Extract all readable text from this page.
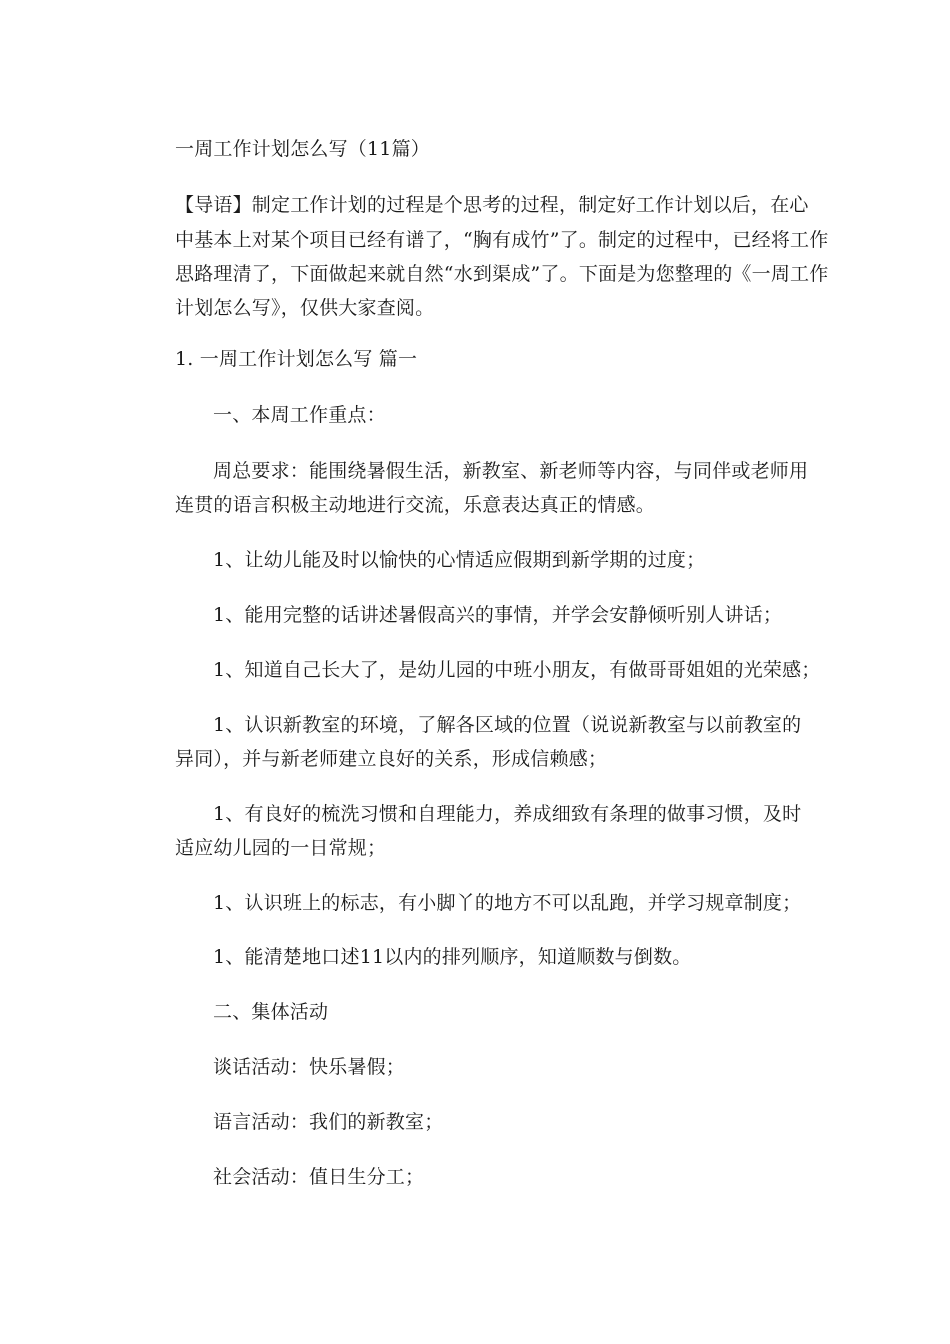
一周工作计划怎么写（11篇）
【导语】制定工作计划的过程是个思考的过程，制定好工作计划以后，在心
中基本上对某个项目已经有谱了，“胸有成竹”了。制定的过程中，已经将工作
思路理清了，下面做起来就自然“水到渠成”了。下面是为您整理的《一周工作
计划怎么写》，仅供大家查阅。
1. 一周工作计划怎么写 篇一
一、本周工作重点：
周总要求：能围绕暑假生活，新教室、新老师等内容，与同伴或老师用
连贯的语言积极主动地进行交流，乐意表达真正的情感。
1、让幼儿能及时以愉快的心情适应假期到新学期的过度；
1、能用完整的话讲述暑假高兴的事情，并学会安静倾听别人讲话；
1、知道自己长大了，是幼儿园的中班小朋友，有做哥哥姐姐的光荣感；
1、认识新教室的环境，了解各区域的位置（说说新教室与以前教室的
异同），并与新老师建立良好的关系，形成信赖感；
1、有良好的梳洗习惯和自理能力，养成细致有条理的做事习惯，及时
适应幼儿园的一日常规；
1、认识班上的标志，有小脚丫的地方不可以乱跑，并学习规章制度；
1、能清楚地口述11以内的排列顺序，知道顺数与倒数。
二、集体活动
谈话活动：快乐暑假；
语言活动：我们的新教室；
社会活动：值日生分工；
